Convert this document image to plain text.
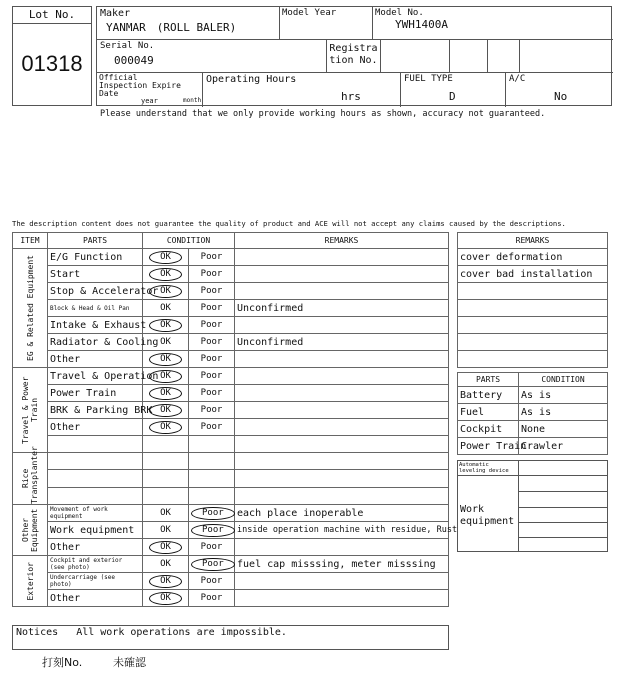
Lot No.
01318
Maker
YANMAR　(ROLL BALER)
Model Year	Model No.
YWH1400A
Serial No.
000049
Registration No.
Official Inspection Expire Date
year	month
Operating Hours
hrs
FUEL TYPE
D
A/C
No
Please understand that we only provide working hours as shown, accuracy not guaranteed.
The description content does not guarantee the quality of product and ACE will not accept any claims caused by the descriptions.
ITEM	PARTS	CONDITION		REMARKS

EG & Related Equipment	E/G Function	OK	Poor	
	Start	OK	Poor	
	Stop & Accelerator	OK	Poor	
	Block & Head & Oil Pan	OK	Poor	Unconfirmed
	Intake & Exhaust	OK	Poor	
	Radiator & Cooling	OK	Poor	Unconfirmed
	Other	OK	Poor	

Travel & Power Train	Travel & Operation	OK	Poor	
	Power Train	OK	Poor	
	BRK & Parking BRK	OK	Poor	
	Other	OK	Poor	

Rice Transplanter				

Other Equipment	Movement of work equipment	OK	Poor	each place inoperable
	Work equipment	OK	Poor	inside operation machine with residue, Rust
	Other	OK	Poor	

Exterior	Cockpit and exterior (see photo)	OK	Poor	fuel cap misssing, meter misssing
	Undercarriage (see photo)	OK	Poor	
	Other	OK	Poor	
REMARKS
cover deformation
cover bad installation

PARTS	CONDITION
Battery	As is
Fuel	As is
Cockpit	None
Power Train	Crawler
Automatic leveling device
Work equipment
Notices All work operations are impossible.
打刻No.	未確認
